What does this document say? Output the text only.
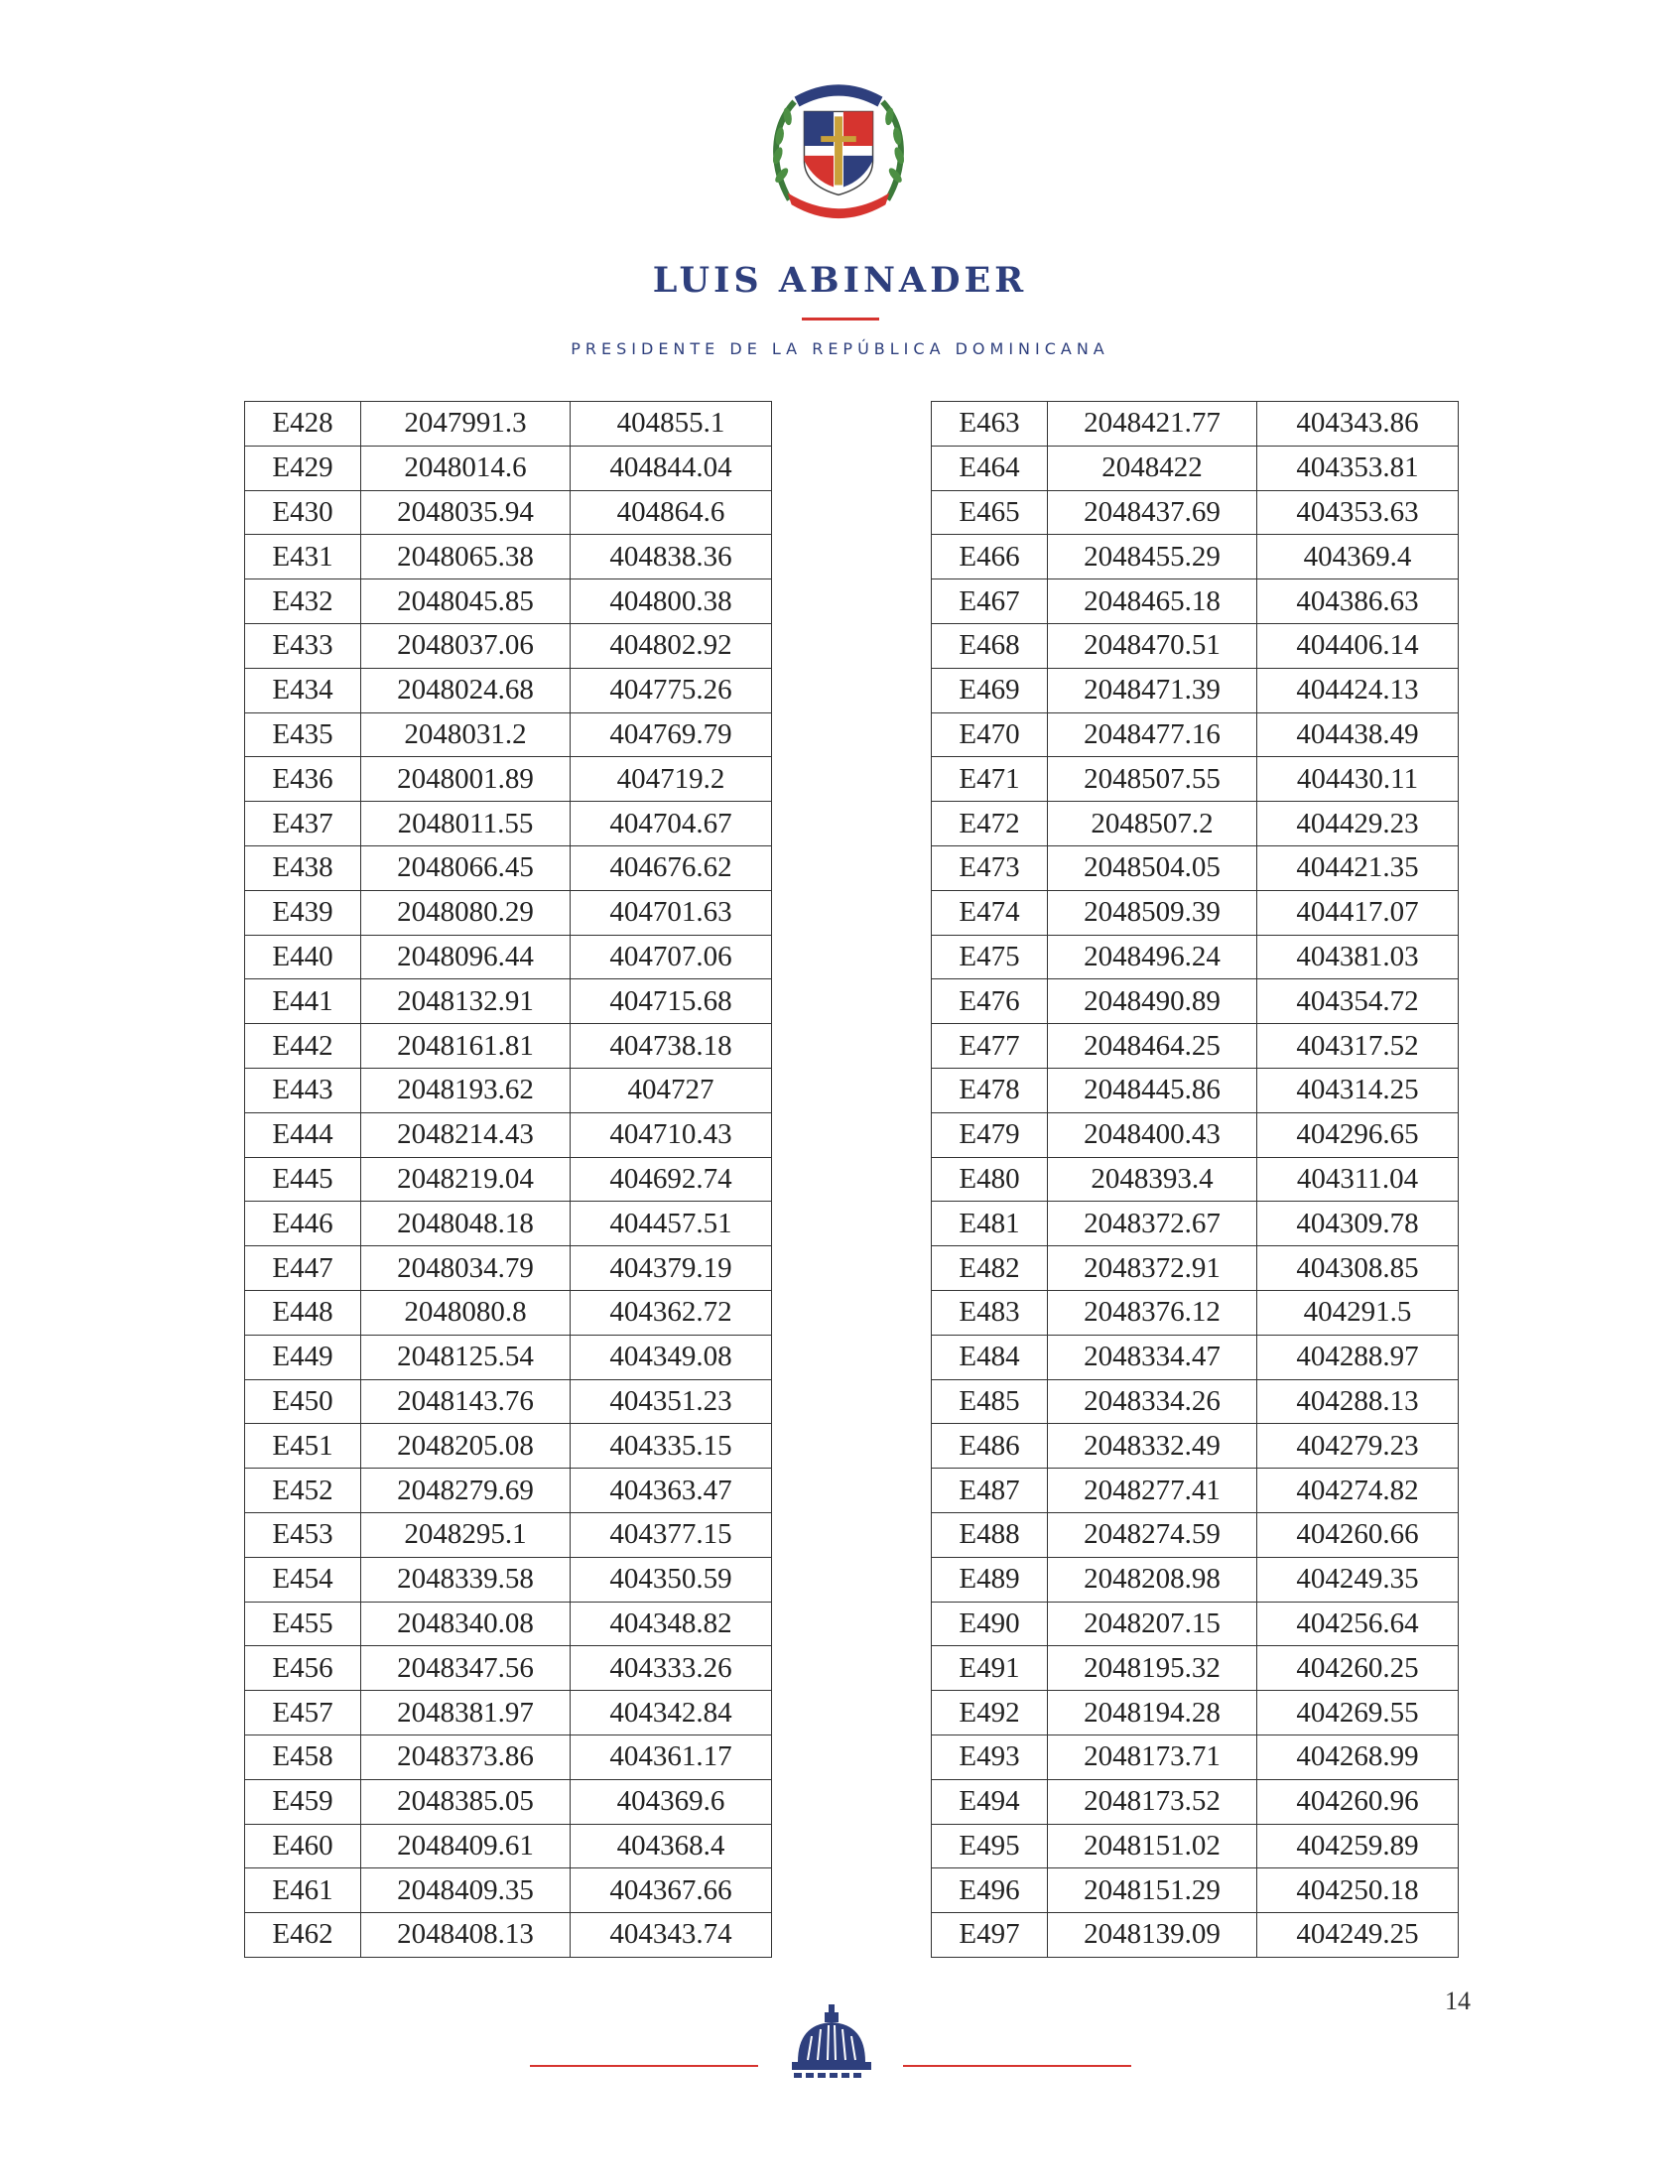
LUIS ABINADER
PRESIDENTE DE LA REPÚBLICA DOMINICANA
E428	2047991.3	404855.1
E429	2048014.6	404844.04
E430	2048035.94	404864.6
E431	2048065.38	404838.36
E432	2048045.85	404800.38
E433	2048037.06	404802.92
E434	2048024.68	404775.26
E435	2048031.2	404769.79
E436	2048001.89	404719.2
E437	2048011.55	404704.67
E438	2048066.45	404676.62
E439	2048080.29	404701.63
E440	2048096.44	404707.06
E441	2048132.91	404715.68
E442	2048161.81	404738.18
E443	2048193.62	404727
E444	2048214.43	404710.43
E445	2048219.04	404692.74
E446	2048048.18	404457.51
E447	2048034.79	404379.19
E448	2048080.8	404362.72
E449	2048125.54	404349.08
E450	2048143.76	404351.23
E451	2048205.08	404335.15
E452	2048279.69	404363.47
E453	2048295.1	404377.15
E454	2048339.58	404350.59
E455	2048340.08	404348.82
E456	2048347.56	404333.26
E457	2048381.97	404342.84
E458	2048373.86	404361.17
E459	2048385.05	404369.6
E460	2048409.61	404368.4
E461	2048409.35	404367.66
E462	2048408.13	404343.74
E463	2048421.77	404343.86
E464	2048422	404353.81
E465	2048437.69	404353.63
E466	2048455.29	404369.4
E467	2048465.18	404386.63
E468	2048470.51	404406.14
E469	2048471.39	404424.13
E470	2048477.16	404438.49
E471	2048507.55	404430.11
E472	2048507.2	404429.23
E473	2048504.05	404421.35
E474	2048509.39	404417.07
E475	2048496.24	404381.03
E476	2048490.89	404354.72
E477	2048464.25	404317.52
E478	2048445.86	404314.25
E479	2048400.43	404296.65
E480	2048393.4	404311.04
E481	2048372.67	404309.78
E482	2048372.91	404308.85
E483	2048376.12	404291.5
E484	2048334.47	404288.97
E485	2048334.26	404288.13
E486	2048332.49	404279.23
E487	2048277.41	404274.82
E488	2048274.59	404260.66
E489	2048208.98	404249.35
E490	2048207.15	404256.64
E491	2048195.32	404260.25
E492	2048194.28	404269.55
E493	2048173.71	404268.99
E494	2048173.52	404260.96
E495	2048151.02	404259.89
E496	2048151.29	404250.18
E497	2048139.09	404249.25
14
